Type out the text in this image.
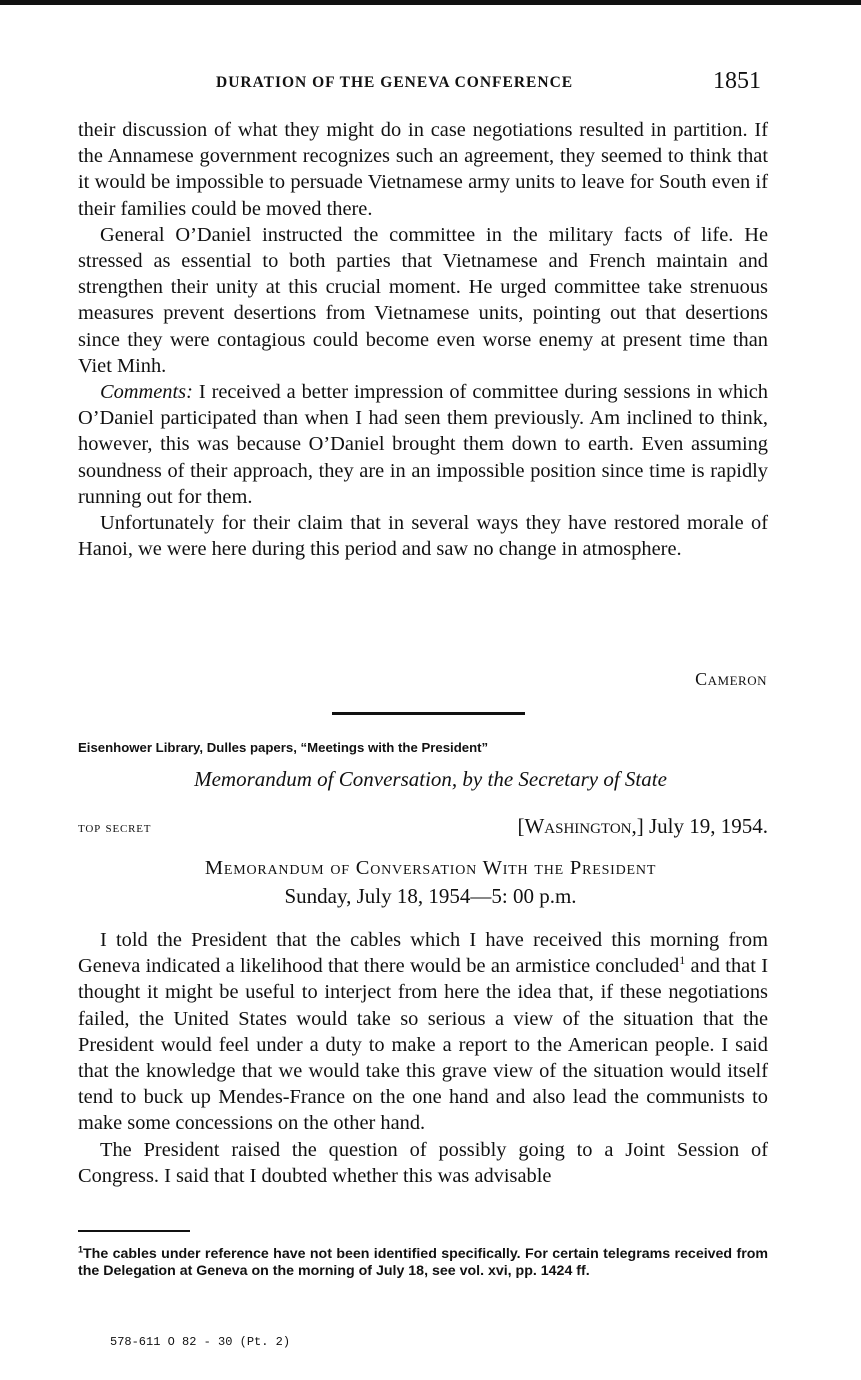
DURATION OF THE GENEVA CONFERENCE	1851

their discussion of what they might do in case negotiations resulted in partition. If the Annamese government recognizes such an agreement, they seemed to think that it would be impossible to persuade Vietnamese army units to leave for South even if their families could be moved there.

General O’Daniel instructed the committee in the military facts of life. He stressed as essential to both parties that Vietnamese and French maintain and strengthen their unity at this crucial moment. He urged committee take strenuous measures prevent desertions from Vietnamese units, pointing out that desertions since they were contagious could become even worse enemy at present time than Viet Minh.

Comments: I received a better impression of committee during sessions in which O’Daniel participated than when I had seen them previously. Am inclined to think, however, this was because O’Daniel brought them down to earth. Even assuming soundness of their approach, they are in an impossible position since time is rapidly running out for them.

Unfortunately for their claim that in several ways they have restored morale of Hanoi, we were here during this period and saw no change in atmosphere.

Cameron
Eisenhower Library, Dulles papers, “Meetings with the President”
Memorandum of Conversation, by the Secretary of State
top secret	[Washington,] July 19, 1954.
Memorandum of Conversation With the President
Sunday, July 18, 1954—5: 00 p.m.

I told the President that the cables which I have received this morning from Geneva indicated a likelihood that there would be an armistice concluded$^1$ and that I thought it might be useful to interject from here the idea that, if these negotiations failed, the United States would take so serious a view of the situation that the President would feel under a duty to make a report to the American people. I said that the knowledge that we would take this grave view of the situation would itself tend to buck up Mendes-France on the one hand and also lead the communists to make some concessions on the other hand.

The President raised the question of possibly going to a Joint Session of Congress. I said that I doubted whether this was advisable

$^1$The cables under reference have not been identified specifically. For certain telegrams received from the Delegation at Geneva on the morning of July 18, see vol. xvi, pp. 1424 ff.
578-611 O 82 - 30 (Pt. 2)
